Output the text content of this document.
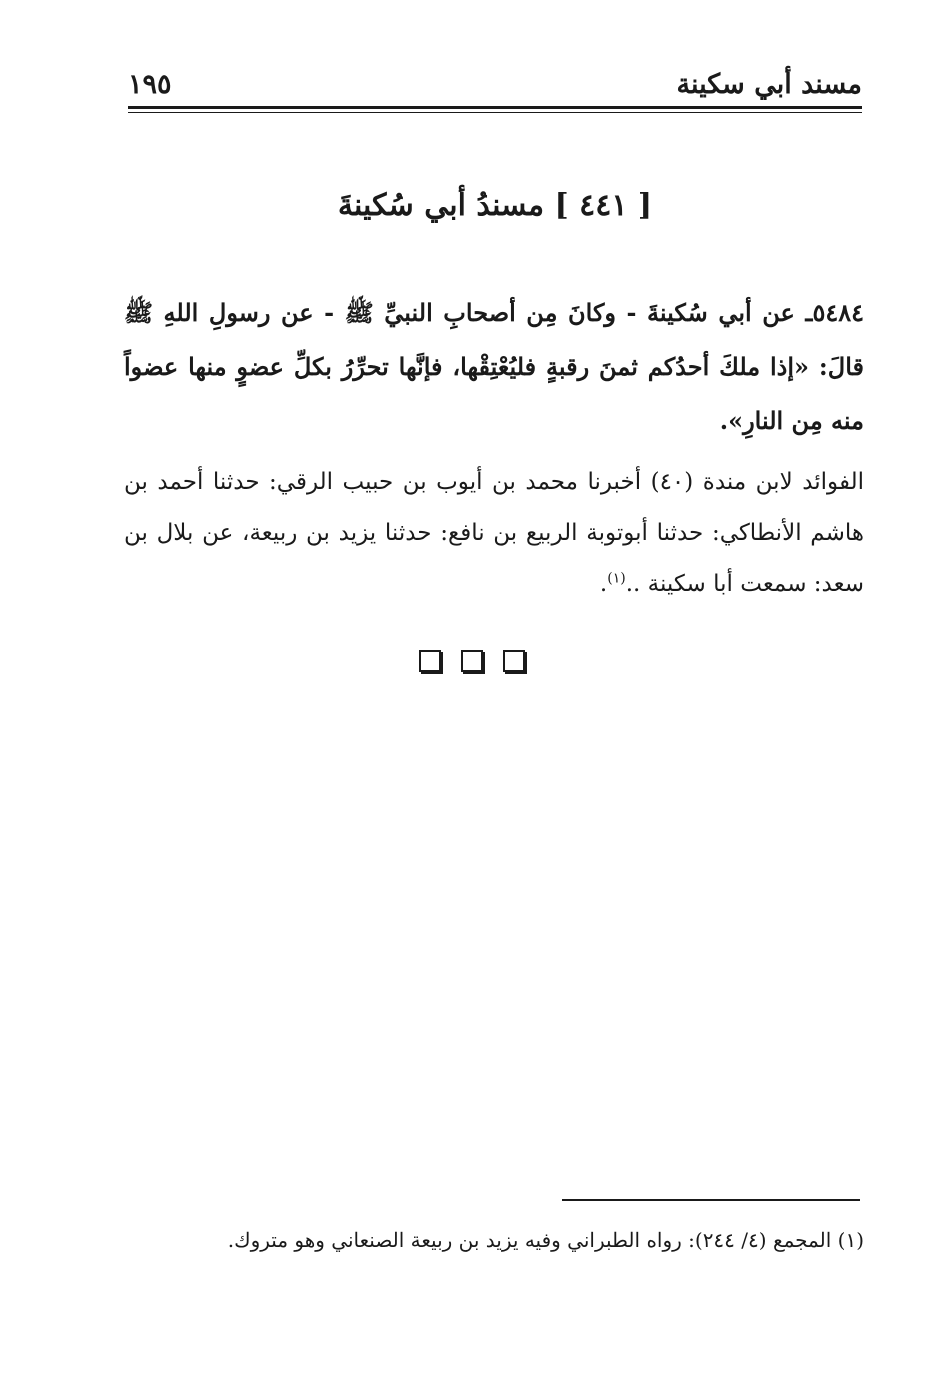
مسند أبي سكينة
١٩٥
[ ٤٤١ ] مسندُ أبي سُكينةَ

٥٤٨٤ـ عن أبي سُكينةَ - وكانَ مِن أصحابِ النبيِّ ﷺ - عن رسولِ اللهِ ﷺ قالَ: «إذا ملكَ أحدُكم ثمنَ رقبةٍ فليُعْتِقْها، فإنَّها تحرِّرُ بكلِّ عضوٍ منها عضواً منه مِن النارِ».

الفوائد لابن مندة (٤٠) أخبرنا محمد بن أيوب بن حبيب الرقي: حدثنا أحمد بن هاشم الأنطاكي: حدثنا أبوتوبة الربيع بن نافع: حدثنا يزيد بن ربيعة، عن بلال بن سعد: سمعت أبا سكينة ..$^{(١)}$.

(١) المجمع (٤/ ٢٤٤): رواه الطبراني وفيه يزيد بن ربيعة الصنعاني وهو متروك.
